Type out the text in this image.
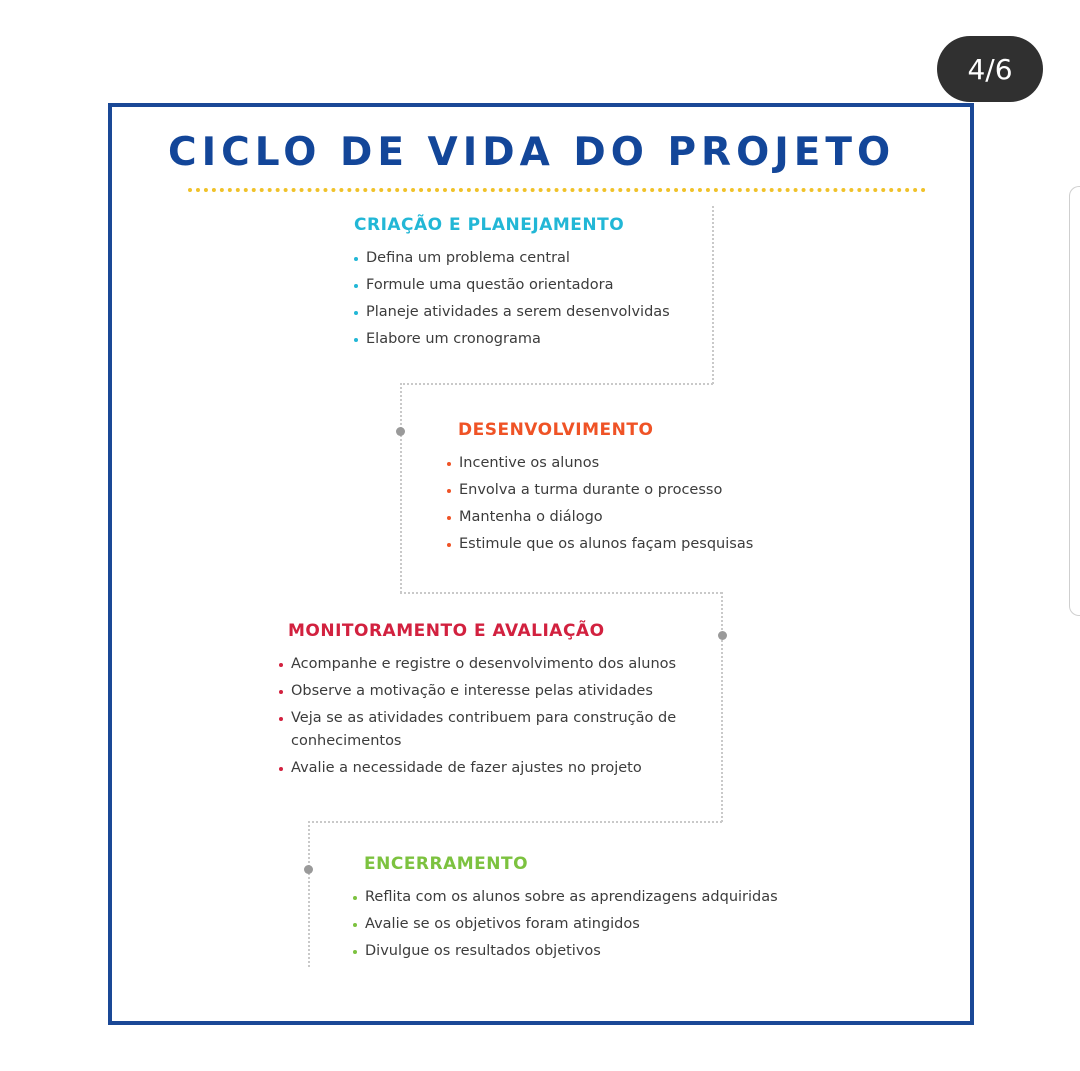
4/6
CICLO DE VIDA DO PROJETO
CRIAÇÃO E PLANEJAMENTO
Defina um problema central
Formule uma questão orientadora
Planeje atividades a serem desenvolvidas
Elabore um cronograma
DESENVOLVIMENTO
Incentive os alunos
Envolva a turma durante o processo
Mantenha o diálogo
Estimule que os alunos façam pesquisas
MONITORAMENTO E AVALIAÇÃO
Acompanhe e registre o desenvolvimento dos alunos
Observe a motivação e interesse pelas atividades
Veja se as atividades contribuem para construção de conhecimentos
Avalie a necessidade de fazer ajustes no projeto
ENCERRAMENTO
Reflita com os alunos sobre as aprendizagens adquiridas
Avalie se os objetivos foram atingidos
Divulgue os resultados objetivos
